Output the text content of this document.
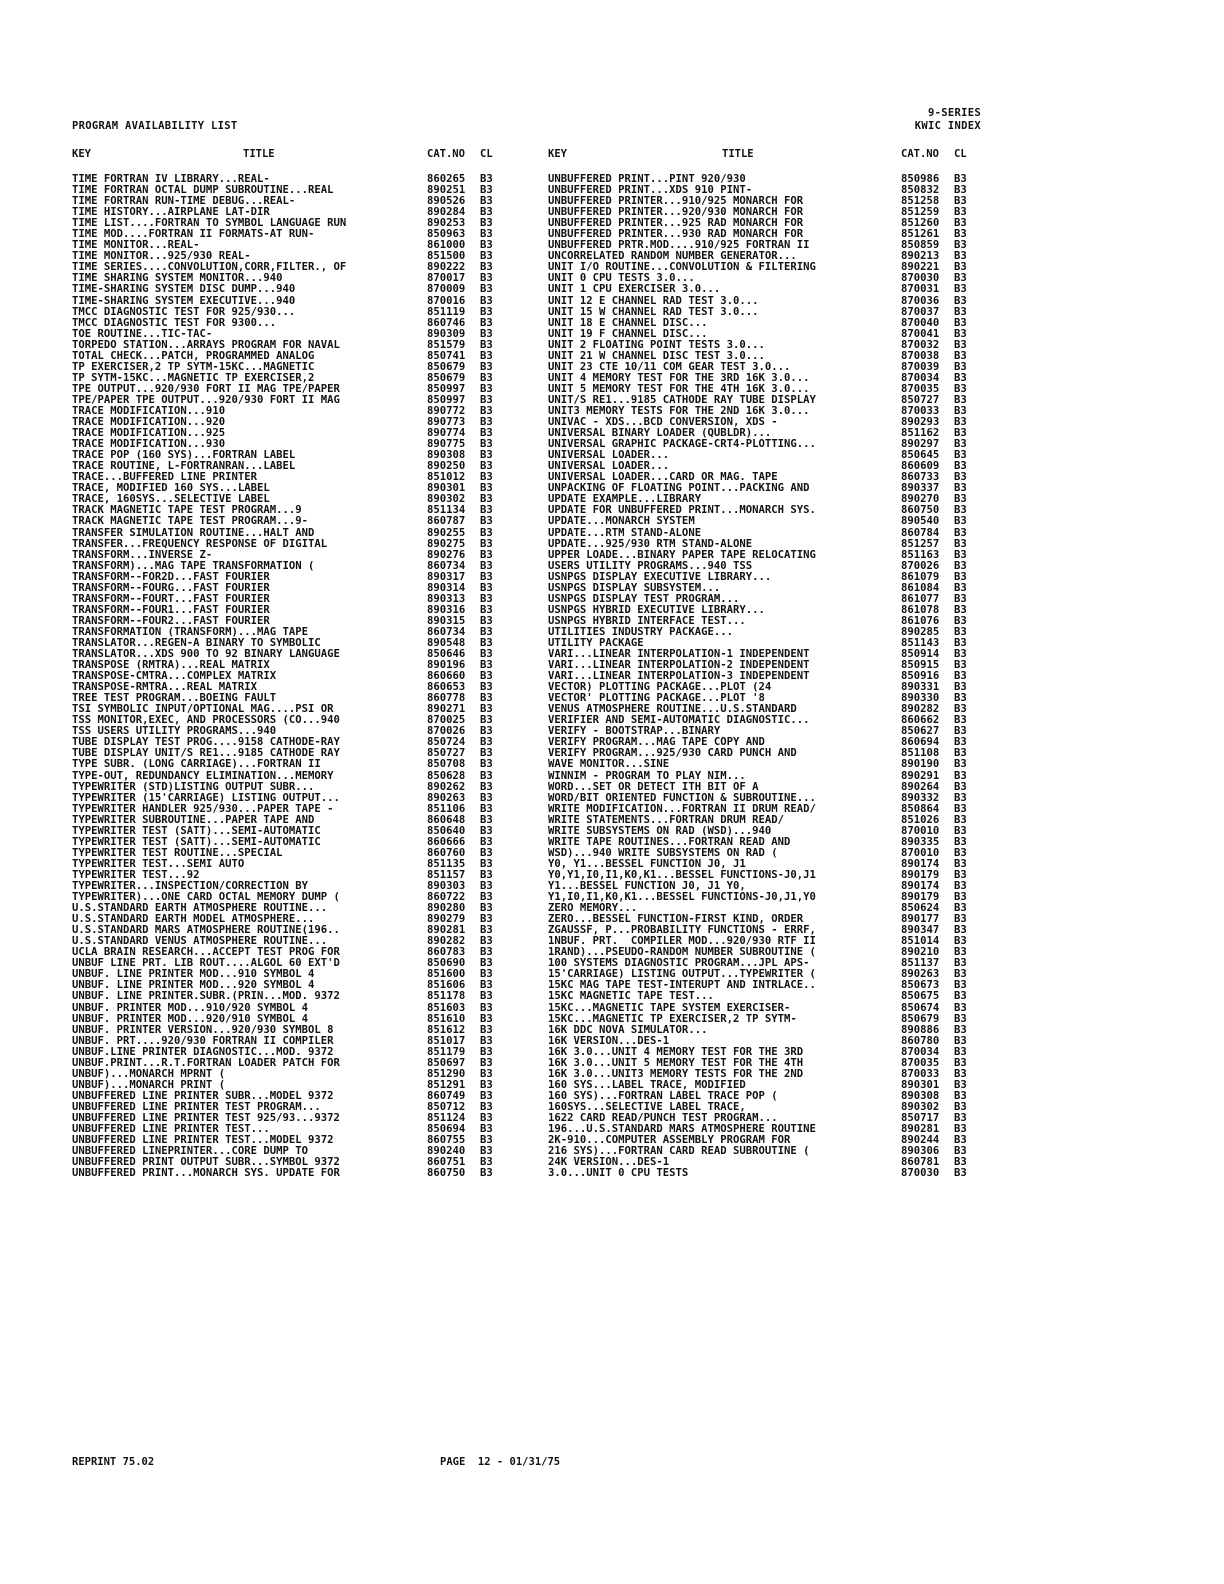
PROGRAM AVAILABILITY LIST
9-SERIES
KWIC INDEX
KEY	TITLE	CAT.NO CL	KEY	TITLE	CAT.NO CL
TIME FORTRAN IV LIBRARY...REAL-	860265 B3
TIME FORTRAN OCTAL DUMP SUBROUTINE...REAL	890251 B3
TIME FORTRAN RUN-TIME DEBUG...REAL-	890526 B3
TIME HISTORY...AIRPLANE LAT-DIR	890284 B3
TIME LIST....FORTRAN TO SYMBOL LANGUAGE RUN	890253 B3
TIME MOD....FORTRAN II FORMATS-AT RUN-	850963 B3
TIME MONITOR...REAL-	861000 B3
TIME MONITOR...925/930 REAL-	851500 B3
TIME SERIES....CONVOLUTION,CORR,FILTER., OF	890222 B3
TIME SHARING SYSTEM MONITOR...940	870017 B3
TIME-SHARING SYSTEM DISC DUMP...940	870009 B3
TIME-SHARING SYSTEM EXECUTIVE...940	870016 B3
TMCC DIAGNOSTIC TEST FOR 925/930...	851119 B3
TMCC DIAGNOSTIC TEST FOR 9300...	860746 B3
TOE ROUTINE...TIC-TAC-	890309 B3
TORPEDO STATION...ARRAYS PROGRAM FOR NAVAL	851579 B3
TOTAL CHECK...PATCH, PROGRAMMED ANALOG	850741 B3
TP EXERCISER,2 TP SYTM-15KC...MAGNETIC	850679 B3
TP SYTM-15KC...MAGNETIC TP EXERCISER,2	850679 B3
TPE OUTPUT...920/930 FORT II MAG TPE/PAPER	850997 B3
TPE/PAPER TPE OUTPUT...920/930 FORT II MAG	850997 B3
TRACE MODIFICATION...910	890772 B3
TRACE MODIFICATION...920	890773 B3
TRACE MODIFICATION...925	890774 B3
TRACE MODIFICATION...930	890775 B3
TRACE POP (160 SYS)...FORTRAN LABEL	890308 B3
TRACE ROUTINE, L-FORTRANRAN...LABEL	890250 B3
TRACE...BUFFERED LINE PRINTER	851012 B3
TRACE, MODIFIED 160 SYS...LABEL	890301 B3
TRACE, 160SYS...SELECTIVE LABEL	890302 B3
TRACK MAGNETIC TAPE TEST PROGRAM...9	851134 B3
TRACK MAGNETIC TAPE TEST PROGRAM...9-	860787 B3
TRANSFER SIMULATION ROUTINE...HALT AND	890255 B3
TRANSFER...FREQUENCY RESPONSE OF DIGITAL	890275 B3
TRANSFORM...INVERSE Z-	890276 B3
TRANSFORM)...MAG TAPE TRANSFORMATION (	860734 B3
TRANSFORM--FOR2D...FAST FOURIER	890317 B3
TRANSFORM--FOURG...FAST FOURIER	890314 B3
TRANSFORM--FOURT...FAST FOURIER	890313 B3
TRANSFORM--FOUR1...FAST FOURIER	890316 B3
TRANSFORM--FOUR2...FAST FOURIER	890315 B3
TRANSFORMATION (TRANSFORM)...MAG TAPE	860734 B3
TRANSLATOR...REGEN-A BINARY TO SYMBOLIC	890548 B3
TRANSLATOR...XDS 900 TO 92 BINARY LANGUAGE	850646 B3
TRANSPOSE (RMTRA)...REAL MATRIX	890196 B3
TRANSPOSE-CMTRA...COMPLEX MATRIX	860660 B3
TRANSPOSE-RMTRA...REAL MATRIX	860653 B3
TREE TEST PROGRAM...BOEING FAULT	860778 B3
TSI SYMBOLIC INPUT/OPTIONAL MAG....PSI OR	890271 B3
TSS MONITOR,EXEC, AND PROCESSORS (CO...940	870025 B3
TSS USERS UTILITY PROGRAMS...940	870026 B3
TUBE DISPLAY TEST PROG....9158 CATHODE-RAY	850724 B3
TUBE DISPLAY UNIT/S RE1...9185 CATHODE RAY	850727 B3
TYPE SUBR. (LONG CARRIAGE)...FORTRAN II	850708 B3
TYPE-OUT, REDUNDANCY ELIMINATION...MEMORY	850628 B3
TYPEWRITER (STD)LISTING OUTPUT SUBR...	890262 B3
TYPEWRITER (15'CARRIAGE) LISTING OUTPUT...	890263 B3
TYPEWRITER HANDLER 925/930...PAPER TAPE -	851106 B3
TYPEWRITER SUBROUTINE...PAPER TAPE AND	860648 B3
TYPEWRITER TEST (SATT)...SEMI-AUTOMATIC	850640 B3
TYPEWRITER TEST (SATT)...SEMI-AUTOMATIC	860666 B3
TYPEWRITER TEST ROUTINE...SPECIAL	860760 B3
TYPEWRITER TEST...SEMI AUTO	851135 B3
TYPEWRITER TEST...92	851157 B3
TYPEWRITER...INSPECTION/CORRECTION BY	890303 B3
TYPEWRITER)...ONE CARD OCTAL MEMORY DUMP (	860722 B3
U.S.STANDARD EARTH ATMOSPHERE ROUTINE...	890280 B3
U.S.STANDARD EARTH MODEL ATMOSPHERE...	890279 B3
U.S.STANDARD MARS ATMOSPHERE ROUTINE(196..	890281 B3
U.S.STANDARD VENUS ATMOSPHERE ROUTINE...	890282 B3
UCLA BRAIN RESEARCH...ACCEPT TEST PROG FOR	860783 B3
UNBUF LINE PRT. LIB ROUT....ALGOL 60 EXT'D	850690 B3
UNBUF. LINE PRINTER MOD...910 SYMBOL 4	851600 B3
UNBUF. LINE PRINTER MOD...920 SYMBOL 4	851606 B3
UNBUF. LINE PRINTER.SUBR.(PRIN...MOD. 9372	851178 B3
UNBUF. PRINTER MOD...910/920 SYMBOL 4	851603 B3
UNBUF. PRINTER MOD...920/910 SYMBOL 4	851610 B3
UNBUF. PRINTER VERSION...920/930 SYMBOL 8	851612 B3
UNBUF. PRT....920/930 FORTRAN II COMPILER	851017 B3
UNBUF.LINE PRINTER DIAGNOSTIC...MOD. 9372	851179 B3
UNBUF.PRINT...R.T.FORTRAN LOADER PATCH FOR	850697 B3
UNBUF)...MONARCH MPRNT (	851290 B3
UNBUF)...MONARCH PRINT (	851291 B3
UNBUFFERED LINE PRINTER SUBR...MODEL 9372	860749 B3
UNBUFFERED LINE PRINTER TEST PROGRAM...	850712 B3
UNBUFFERED LINE PRINTER TEST 925/93...9372	851124 B3
UNBUFFERED LINE PRINTER TEST...	850694 B3
UNBUFFERED LINE PRINTER TEST...MODEL 9372	860755 B3
UNBUFFERED LINEPRINTER...CORE DUMP TO	890240 B3
UNBUFFERED PRINT OUTPUT SUBR...SYMBOL 9372	860751 B3
UNBUFFERED PRINT...MONARCH SYS. UPDATE FOR	860750 B3
UNBUFFERED PRINT...PINT 920/930	850986 B3
UNBUFFERED PRINT...XDS 910 PINT-	850832 B3
UNBUFFERED PRINTER...910/925 MONARCH FOR	851258 B3
UNBUFFERED PRINTER...920/930 MONARCH FOR	851259 B3
UNBUFFERED PRINTER...925 RAD MONARCH FOR	851260 B3
UNBUFFERED PRINTER...930 RAD MONARCH FOR	851261 B3
UNBUFFERED PRTR.MOD....910/925 FORTRAN II	850859 B3
UNCORRELATED RANDOM NUMBER GENERATOR...	890213 B3
UNIT I/O ROUTINE...CONVOLUTION & FILTERING	890221 B3
UNIT 0 CPU TESTS 3.0...	870030 B3
UNIT 1 CPU EXERCISER 3.0...	870031 B3
UNIT 12 E CHANNEL RAD TEST 3.0...	870036 B3
UNIT 15 W CHANNEL RAD TEST 3.0...	870037 B3
UNIT 18 E CHANNEL DISC...	870040 B3
UNIT 19 F CHANNEL DISC...	870041 B3
UNIT 2 FLOATING POINT TESTS 3.0...	870032 B3
UNIT 21 W CHANNEL DISC TEST 3.0...	870038 B3
UNIT 23 CTE 10/11 COM GEAR TEST 3.0...	870039 B3
UNIT 4 MEMORY TEST FOR THE 3RD 16K 3.0...	870034 B3
UNIT 5 MEMORY TEST FOR THE 4TH 16K 3.0...	870035 B3
UNIT/S RE1...9185 CATHODE RAY TUBE DISPLAY	850727 B3
UNIT3 MEMORY TESTS FOR THE 2ND 16K 3.0...	870033 B3
UNIVAC - XDS...BCD CONVERSION, XDS -	890293 B3
UNIVERSAL BINARY LOADER (QUBLDR)...	851162 B3
UNIVERSAL GRAPHIC PACKAGE-CRT4-PLOTTING...	890297 B3
UNIVERSAL LOADER...	850645 B3
UNIVERSAL LOADER...	860609 B3
UNIVERSAL LOADER...CARD OR MAG. TAPE	860733 B3
UNPACKING OF FLOATING POINT...PACKING AND	890337 B3
UPDATE EXAMPLE...LIBRARY	890270 B3
UPDATE FOR UNBUFFERED PRINT...MONARCH SYS.	860750 B3
UPDATE...MONARCH SYSTEM	890540 B3
UPDATE...RTM STAND-ALONE	860784 B3
UPDATE...925/930 RTM STAND-ALONE	851257 B3
UPPER LOADE...BINARY PAPER TAPE RELOCATING	851163 B3
USERS UTILITY PROGRAMS...940 TSS	870026 B3
USNPGS DISPLAY EXECUTIVE LIBRARY...	861079 B3
USNPGS DISPLAY SUBSYSTEM...	861084 B3
USNPGS DISPLAY TEST PROGRAM...	861077 B3
USNPGS HYBRID EXECUTIVE LIBRARY...	861078 B3
USNPGS HYBRID INTERFACE TEST...	861076 B3
UTILITIES INDUSTRY PACKAGE...	890285 B3
UTILITY PACKAGE	851143 B3
VARI...LINEAR INTERPOLATION-1 INDEPENDENT	850914 B3
VARI...LINEAR INTERPOLATION-2 INDEPENDENT	850915 B3
VARI...LINEAR INTERPOLATION-3 INDEPENDENT	850916 B3
VECTOR) PLOTTING PACKAGE...PLOT (24	890331 B3
VECTOR' PLOTTING PACKAGE...PLOT '8	890330 B3
VENUS ATMOSPHERE ROUTINE...U.S.STANDARD	890282 B3
VERIFIER AND SEMI-AUTOMATIC DIAGNOSTIC...	860662 B3
VERIFY - BOOTSTRAP...BINARY	850627 B3
VERIFY PROGRAM...MAG TAPE COPY AND	860694 B3
VERIFY PROGRAM...925/930 CARD PUNCH AND	851108 B3
WAVE MONITOR...SINE	890190 B3
WINNIM - PROGRAM TO PLAY NIM...	890291 B3
WORD...SET OR DETECT ITH BIT OF A	890264 B3
WORD/BIT ORIENTED FUNCTION & SUBROUTINE...	890332 B3
WRITE MODIFICATION...FORTRAN II DRUM READ/	850864 B3
WRITE STATEMENTS...FORTRAN DRUM READ/	851026 B3
WRITE SUBSYSTEMS ON RAD (WSD)...940	870010 B3
WRITE TAPE ROUTINES...FORTRAN READ AND	890335 B3
WSD)...940 WRITE SUBSYSTEMS ON RAD (	870010 B3
Y0, Y1...BESSEL FUNCTION J0, J1	890174 B3
Y0,Y1,I0,I1,K0,K1...BESSEL FUNCTIONS-J0,J1	890179 B3
Y1...BESSEL FUNCTION J0, J1 Y0,	890174 B3
Y1,I0,I1,K0,K1...BESSEL FUNCTIONS-J0,J1,Y0	890179 B3
ZERO MEMORY...	850624 B3
ZERO...BESSEL FUNCTION-FIRST KIND, ORDER	890177 B3
ZGAUSSF, P...PROBABILITY FUNCTIONS - ERRF,	890347 B3
1NBUF. PRT.  COMPILER MOD...920/930 RTF II	851014 B3
1RAND)...PSEUDO-RANDOM NUMBER SUBROUTINE (	890210 B3
100 SYSTEMS DIAGNOSTIC PROGRAM...JPL APS-	851137 B3
15'CARRIAGE) LISTING OUTPUT...TYPEWRITER (	890263 B3
15KC MAG TAPE TEST-INTERUPT AND INTRLACE..	850673 B3
15KC MAGNETIC TAPE TEST...	850675 B3
15KC...MAGNETIC TAPE SYSTEM EXERCISER-	850674 B3
15KC...MAGNETIC TP EXERCISER,2 TP SYTM-	850679 B3
16K DDC NOVA SIMULATOR...	890886 B3
16K VERSION...DES-1	860780 B3
16K 3.0...UNIT 4 MEMORY TEST FOR THE 3RD	870034 B3
16K 3.0...UNIT 5 MEMORY TEST FOR THE 4TH	870035 B3
16K 3.0...UNIT3 MEMORY TESTS FOR THE 2ND	870033 B3
160 SYS...LABEL TRACE, MODIFIED	890301 B3
160 SYS)...FORTRAN LABEL TRACE POP (	890308 B3
160SYS...SELECTIVE LABEL TRACE,	890302 B3
1622 CARD READ/PUNCH TEST PROGRAM...	850717 B3
196...U.S.STANDARD MARS ATMOSPHERE ROUTINE	890281 B3
2K-910...COMPUTER ASSEMBLY PROGRAM FOR	890244 B3
216 SYS)...FORTRAN CARD READ SUBROUTINE (	890306 B3
24K VERSION...DES-1	860781 B3
3.0...UNIT 0 CPU TESTS	870030 B3
REPRINT 75.02	PAGE  12 - 01/31/75
